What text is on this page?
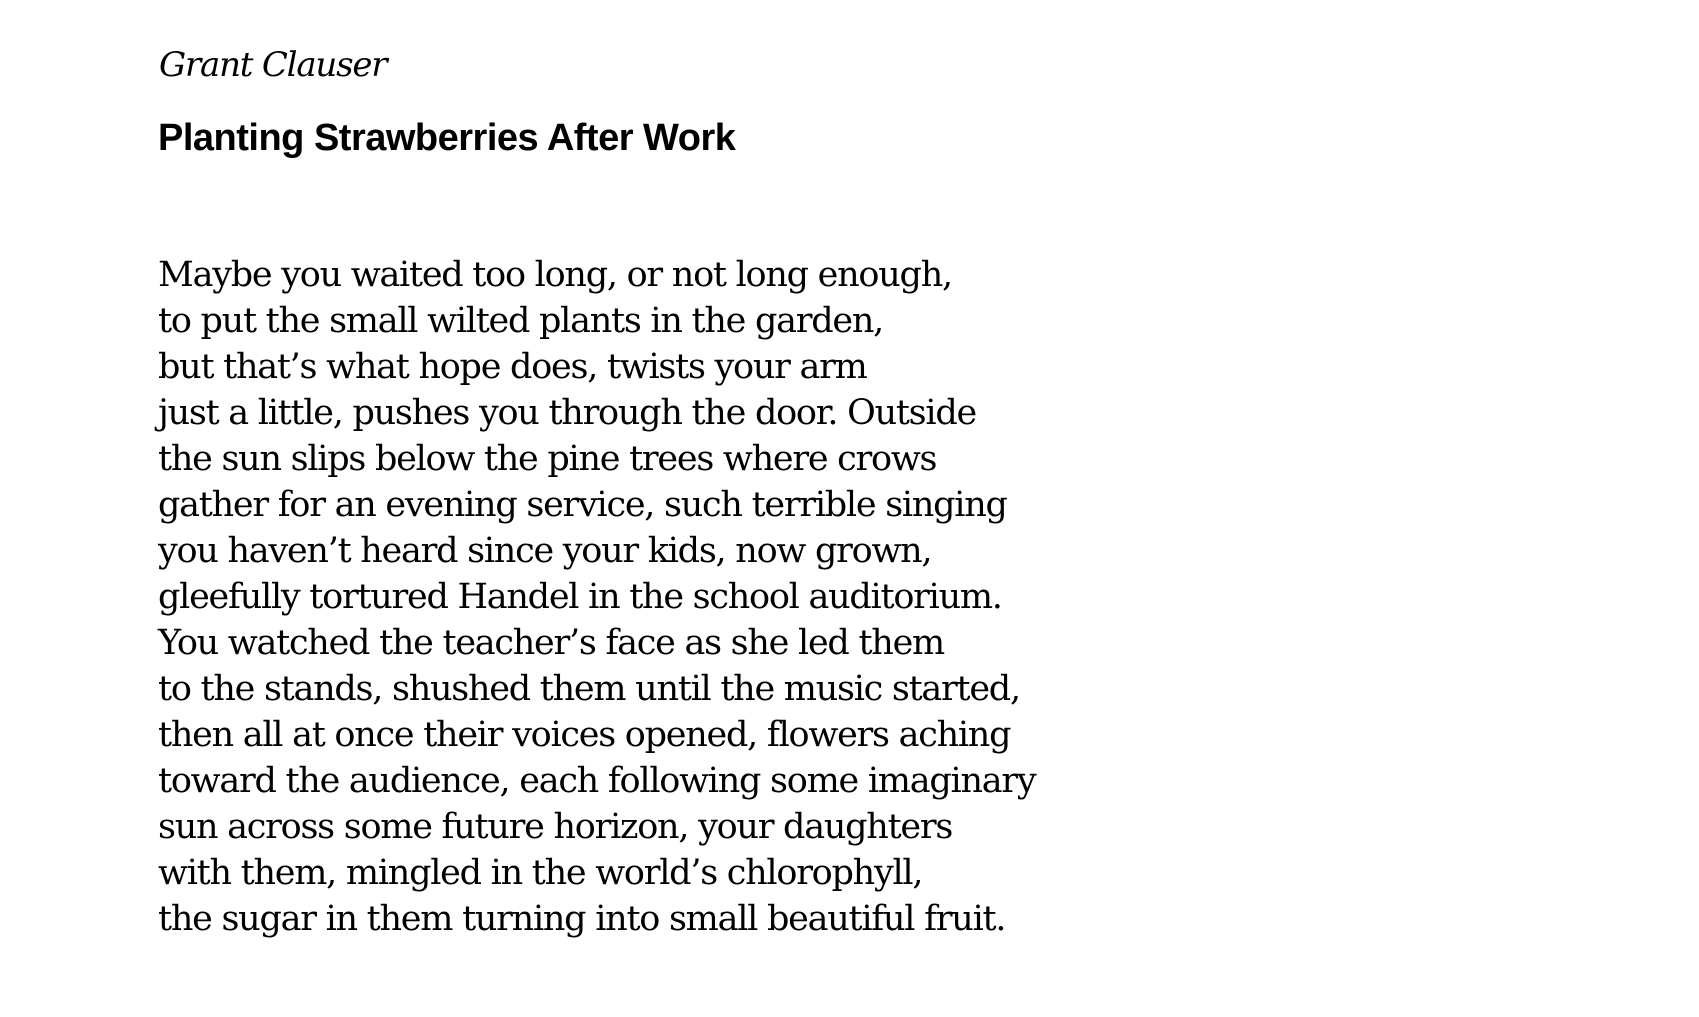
Grant Clauser
Planting Strawberries After Work
Maybe you waited too long, or not long enough,
to put the small wilted plants in the garden,
but that’s what hope does, twists your arm
just a little, pushes you through the door. Outside
the sun slips below the pine trees where crows
gather for an evening service, such terrible singing
you haven’t heard since your kids, now grown,
gleefully tortured Handel in the school auditorium.
You watched the teacher’s face as she led them
to the stands, shushed them until the music started,
then all at once their voices opened, flowers aching
toward the audience, each following some imaginary
sun across some future horizon, your daughters
with them, mingled in the world’s chlorophyll,
the sugar in them turning into small beautiful fruit.
